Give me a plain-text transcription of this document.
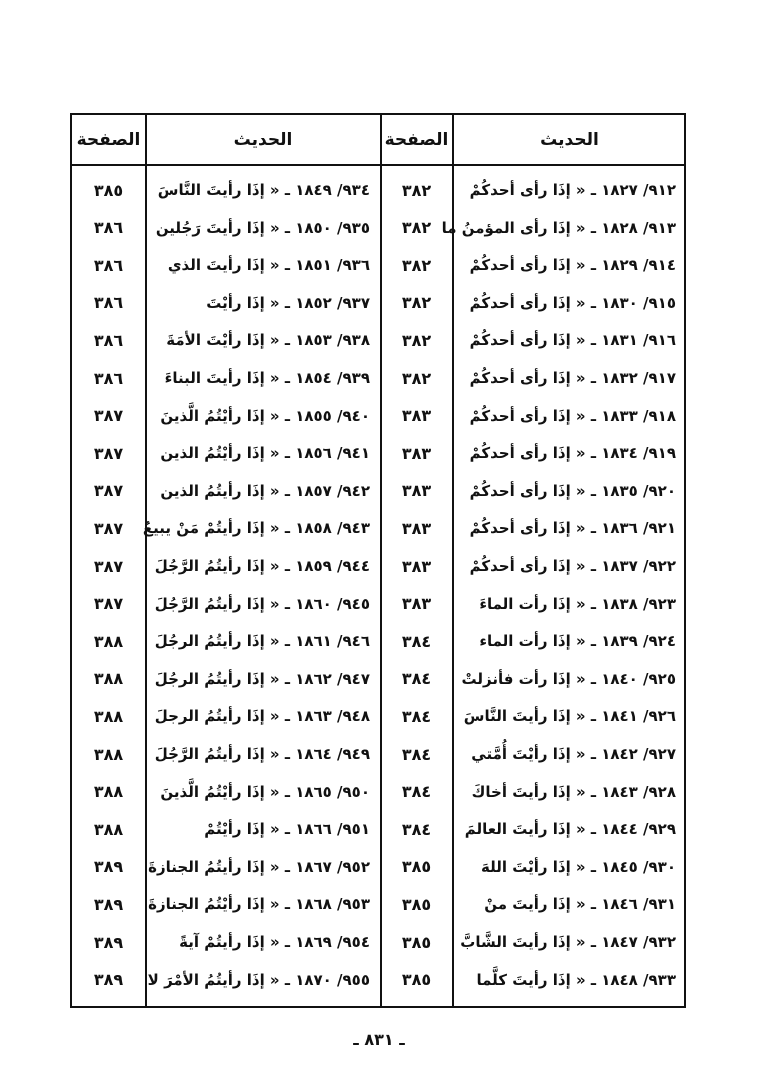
الحديث
الصفحة
الحديث
الصفحة
٩١٢/ ١٨٢٧ ـ « إذَا رأى أحدكُمْ
٣٨٢
٩٣٤/ ١٨٤٩ ـ « إذَا رأيتَ النَّاسَ
٣٨٥
٩١٣/ ١٨٢٨ ـ « إذَا رأى المؤمنُ ما
٣٨٢
٩٣٥/ ١٨٥٠ ـ « إذَا رأيتَ رَجُلين
٣٨٦
٩١٤/ ١٨٢٩ ـ « إذَا رأى أحدكُمْ
٣٨٢
٩٣٦/ ١٨٥١ ـ « إذَا رأيتَ الذي
٣٨٦
٩١٥/ ١٨٣٠ ـ « إذَا رأى أحدكُمْ
٣٨٢
٩٣٧/ ١٨٥٢ ـ « إذَا رأيْتَ
٣٨٦
٩١٦/ ١٨٣١ ـ « إذَا رأى أحدكُمْ
٣٨٢
٩٣٨/ ١٨٥٣ ـ « إذَا رأيْتَ الأمَةَ
٣٨٦
٩١٧/ ١٨٣٢ ـ « إذَا رأى أحدكُمْ
٣٨٢
٩٣٩/ ١٨٥٤ ـ « إذَا رأيتَ البناءَ
٣٨٦
٩١٨/ ١٨٣٣ ـ « إذَا رأى أحدكُمْ
٣٨٣
٩٤٠/ ١٨٥٥ ـ « إذَا رأيْتُمُ الَّذينَ
٣٨٧
٩١٩/ ١٨٣٤ ـ « إذَا رأى أحدكُمْ
٣٨٣
٩٤١/ ١٨٥٦ ـ « إذَا رأيْتُمُ الذين
٣٨٧
٩٢٠/ ١٨٣٥ ـ « إذَا رأى أحدكُمْ
٣٨٣
٩٤٢/ ١٨٥٧ ـ « إذَا رأيتُمُ الذين
٣٨٧
٩٢١/ ١٨٣٦ ـ « إذَا رأى أحدكُمْ
٣٨٣
٩٤٣/ ١٨٥٨ ـ « إذَا رأيتُمْ مَنْ يبيعُ
٣٨٧
٩٢٢/ ١٨٣٧ ـ « إذَا رأى أحدكُمْ
٣٨٣
٩٤٤/ ١٨٥٩ ـ « إذَا رأيتُمُ الرَّجُلَ
٣٨٧
٩٢٣/ ١٨٣٨ ـ « إذَا رأت الماءَ
٣٨٣
٩٤٥/ ١٨٦٠ ـ « إذَا رأيتُمُ الرَّجُلَ
٣٨٧
٩٢٤/ ١٨٣٩ ـ « إذَا رأت الماء
٣٨٤
٩٤٦/ ١٨٦١ ـ « إذَا رأيتُمُ الرجُلَ
٣٨٨
٩٢٥/ ١٨٤٠ ـ « إذَا رأت فأنزلتْ
٣٨٤
٩٤٧/ ١٨٦٢ ـ « إذَا رأيتُمُ الرجُلَ
٣٨٨
٩٢٦/ ١٨٤١ ـ « إذَا رأيتَ النَّاسَ
٣٨٤
٩٤٨/ ١٨٦٣ ـ « إذَا رأيتُمُ الرجلَ
٣٨٨
٩٢٧/ ١٨٤٢ ـ « إذَا رأيْتَ أُمَّتي
٣٨٤
٩٤٩/ ١٨٦٤ ـ « إذَا رأيتُمُ الرَّجُلَ
٣٨٨
٩٢٨/ ١٨٤٣ ـ « إذَا رأيتَ أخاكَ
٣٨٤
٩٥٠/ ١٨٦٥ ـ « إذَا رأيْتُمُ الَّذينَ
٣٨٨
٩٢٩/ ١٨٤٤ ـ « إذَا رأيتَ العالمَ
٣٨٤
٩٥١/ ١٨٦٦ ـ « إذَا رأيْتُمْ
٣٨٨
٩٣٠/ ١٨٤٥ ـ « إذَا رأيْتَ اللهَ
٣٨٥
٩٥٢/ ١٨٦٧ ـ « إذَا رأيتُمُ الجنازةَ
٣٨٩
٩٣١/ ١٨٤٦ ـ « إذَا رأيتَ منْ
٣٨٥
٩٥٣/ ١٨٦٨ ـ « إذَا رأيْتُمُ الجنازةَ
٣٨٩
٩٣٢/ ١٨٤٧ ـ « إذَا رأيتَ الشَّابَّ
٣٨٥
٩٥٤/ ١٨٦٩ ـ « إذَا رأيتُمْ آيةً
٣٨٩
٩٣٣/ ١٨٤٨ ـ « إذَا رأيتَ كلَّما
٣٨٥
٩٥٥/ ١٨٧٠ ـ « إذَا رأيتُمُ الأمْرَ لا
٣٨٩
ـ ٨٣١ ـ
